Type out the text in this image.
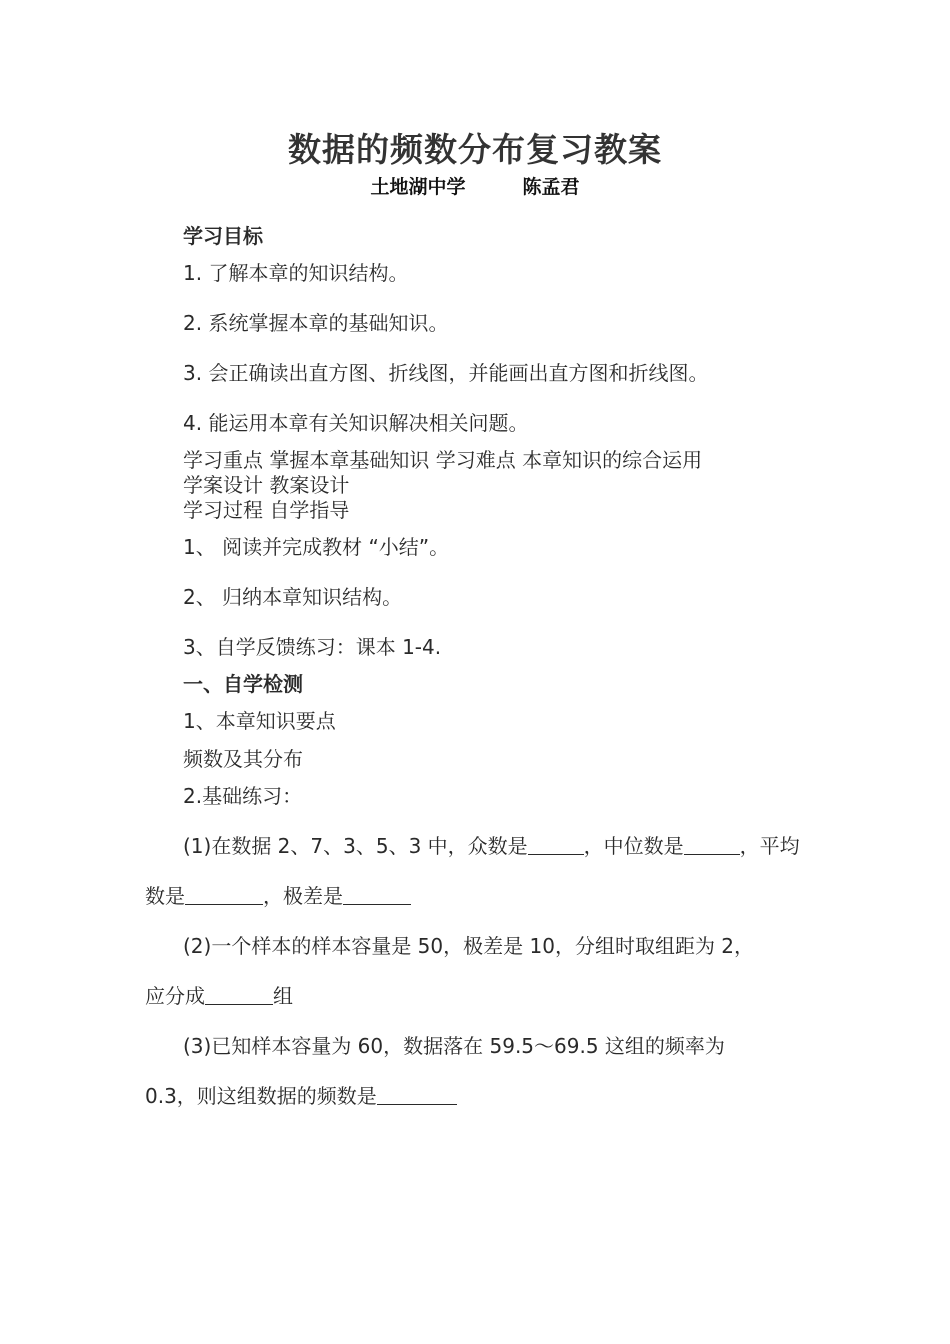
数据的频数分布复习教案
土地湖中学　　　陈孟君
学习目标
1. 了解本章的知识结构。
2. 系统掌握本章的基础知识。
3. 会正确读出直方图、折线图，并能画出直方图和折线图。
4. 能运用本章有关知识解决相关问题。
学习重点 掌握本章基础知识 学习难点 本章知识的综合运用
学案设计 教案设计
学习过程 自学指导
1、 阅读并完成教材 “小结”。
2、 归纳本章知识结构。
3、自学反馈练习：课本 1-4.
一、自学检测
1、本章知识要点
频数及其分布
2.基础练习：
(1)在数据 2、7、3、5、3 中，众数是	，中位数是	，平均
数是	，极差是
(2)一个样本的样本容量是 50，极差是 10，分组时取组距为 2，
应分成	组
(3)已知样本容量为 60，数据落在 59.5～69.5 这组的频率为
0.3，则这组数据的频数是
